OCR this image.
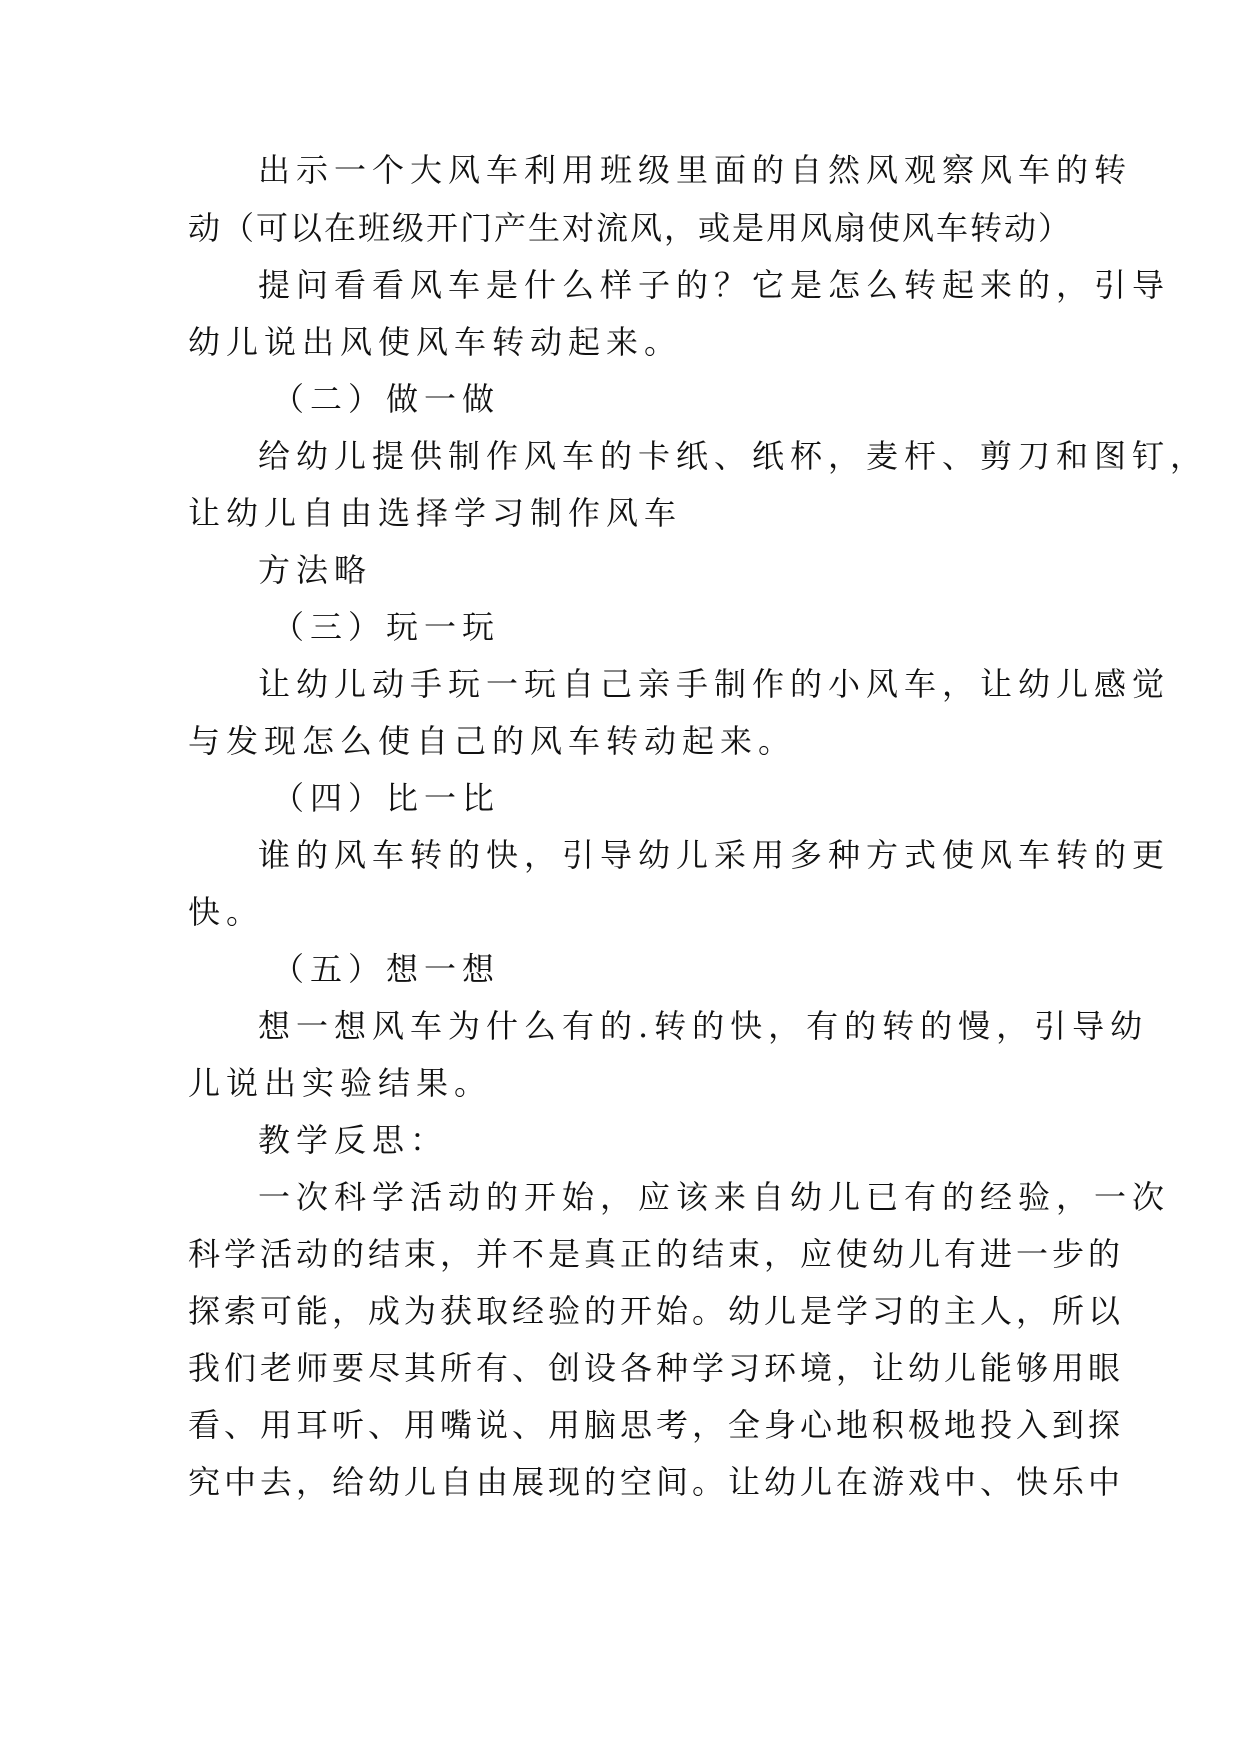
出示一个大风车利用班级里面的自然风观察风车的转
动（可以在班级开门产生对流风，或是用风扇使风车转动）
提问看看风车是什么样子的？它是怎么转起来的，引导
幼儿说出风使风车转动起来。
（二）做一做
给幼儿提供制作风车的卡纸、纸杯，麦杆、剪刀和图钉，
让幼儿自由选择学习制作风车
方法略
（三）玩一玩
让幼儿动手玩一玩自己亲手制作的小风车，让幼儿感觉
与发现怎么使自己的风车转动起来。
（四）比一比
谁的风车转的快，引导幼儿采用多种方式使风车转的更
快。
（五）想一想
想一想风车为什么有的.转的快，有的转的慢，引导幼
儿说出实验结果。
教学反思：
一次科学活动的开始，应该来自幼儿已有的经验，一次
科学活动的结束，并不是真正的结束，应使幼儿有进一步的
探索可能，成为获取经验的开始。幼儿是学习的主人，所以
我们老师要尽其所有、创设各种学习环境，让幼儿能够用眼
看、用耳听、用嘴说、用脑思考，全身心地积极地投入到探
究中去，给幼儿自由展现的空间。让幼儿在游戏中、快乐中
